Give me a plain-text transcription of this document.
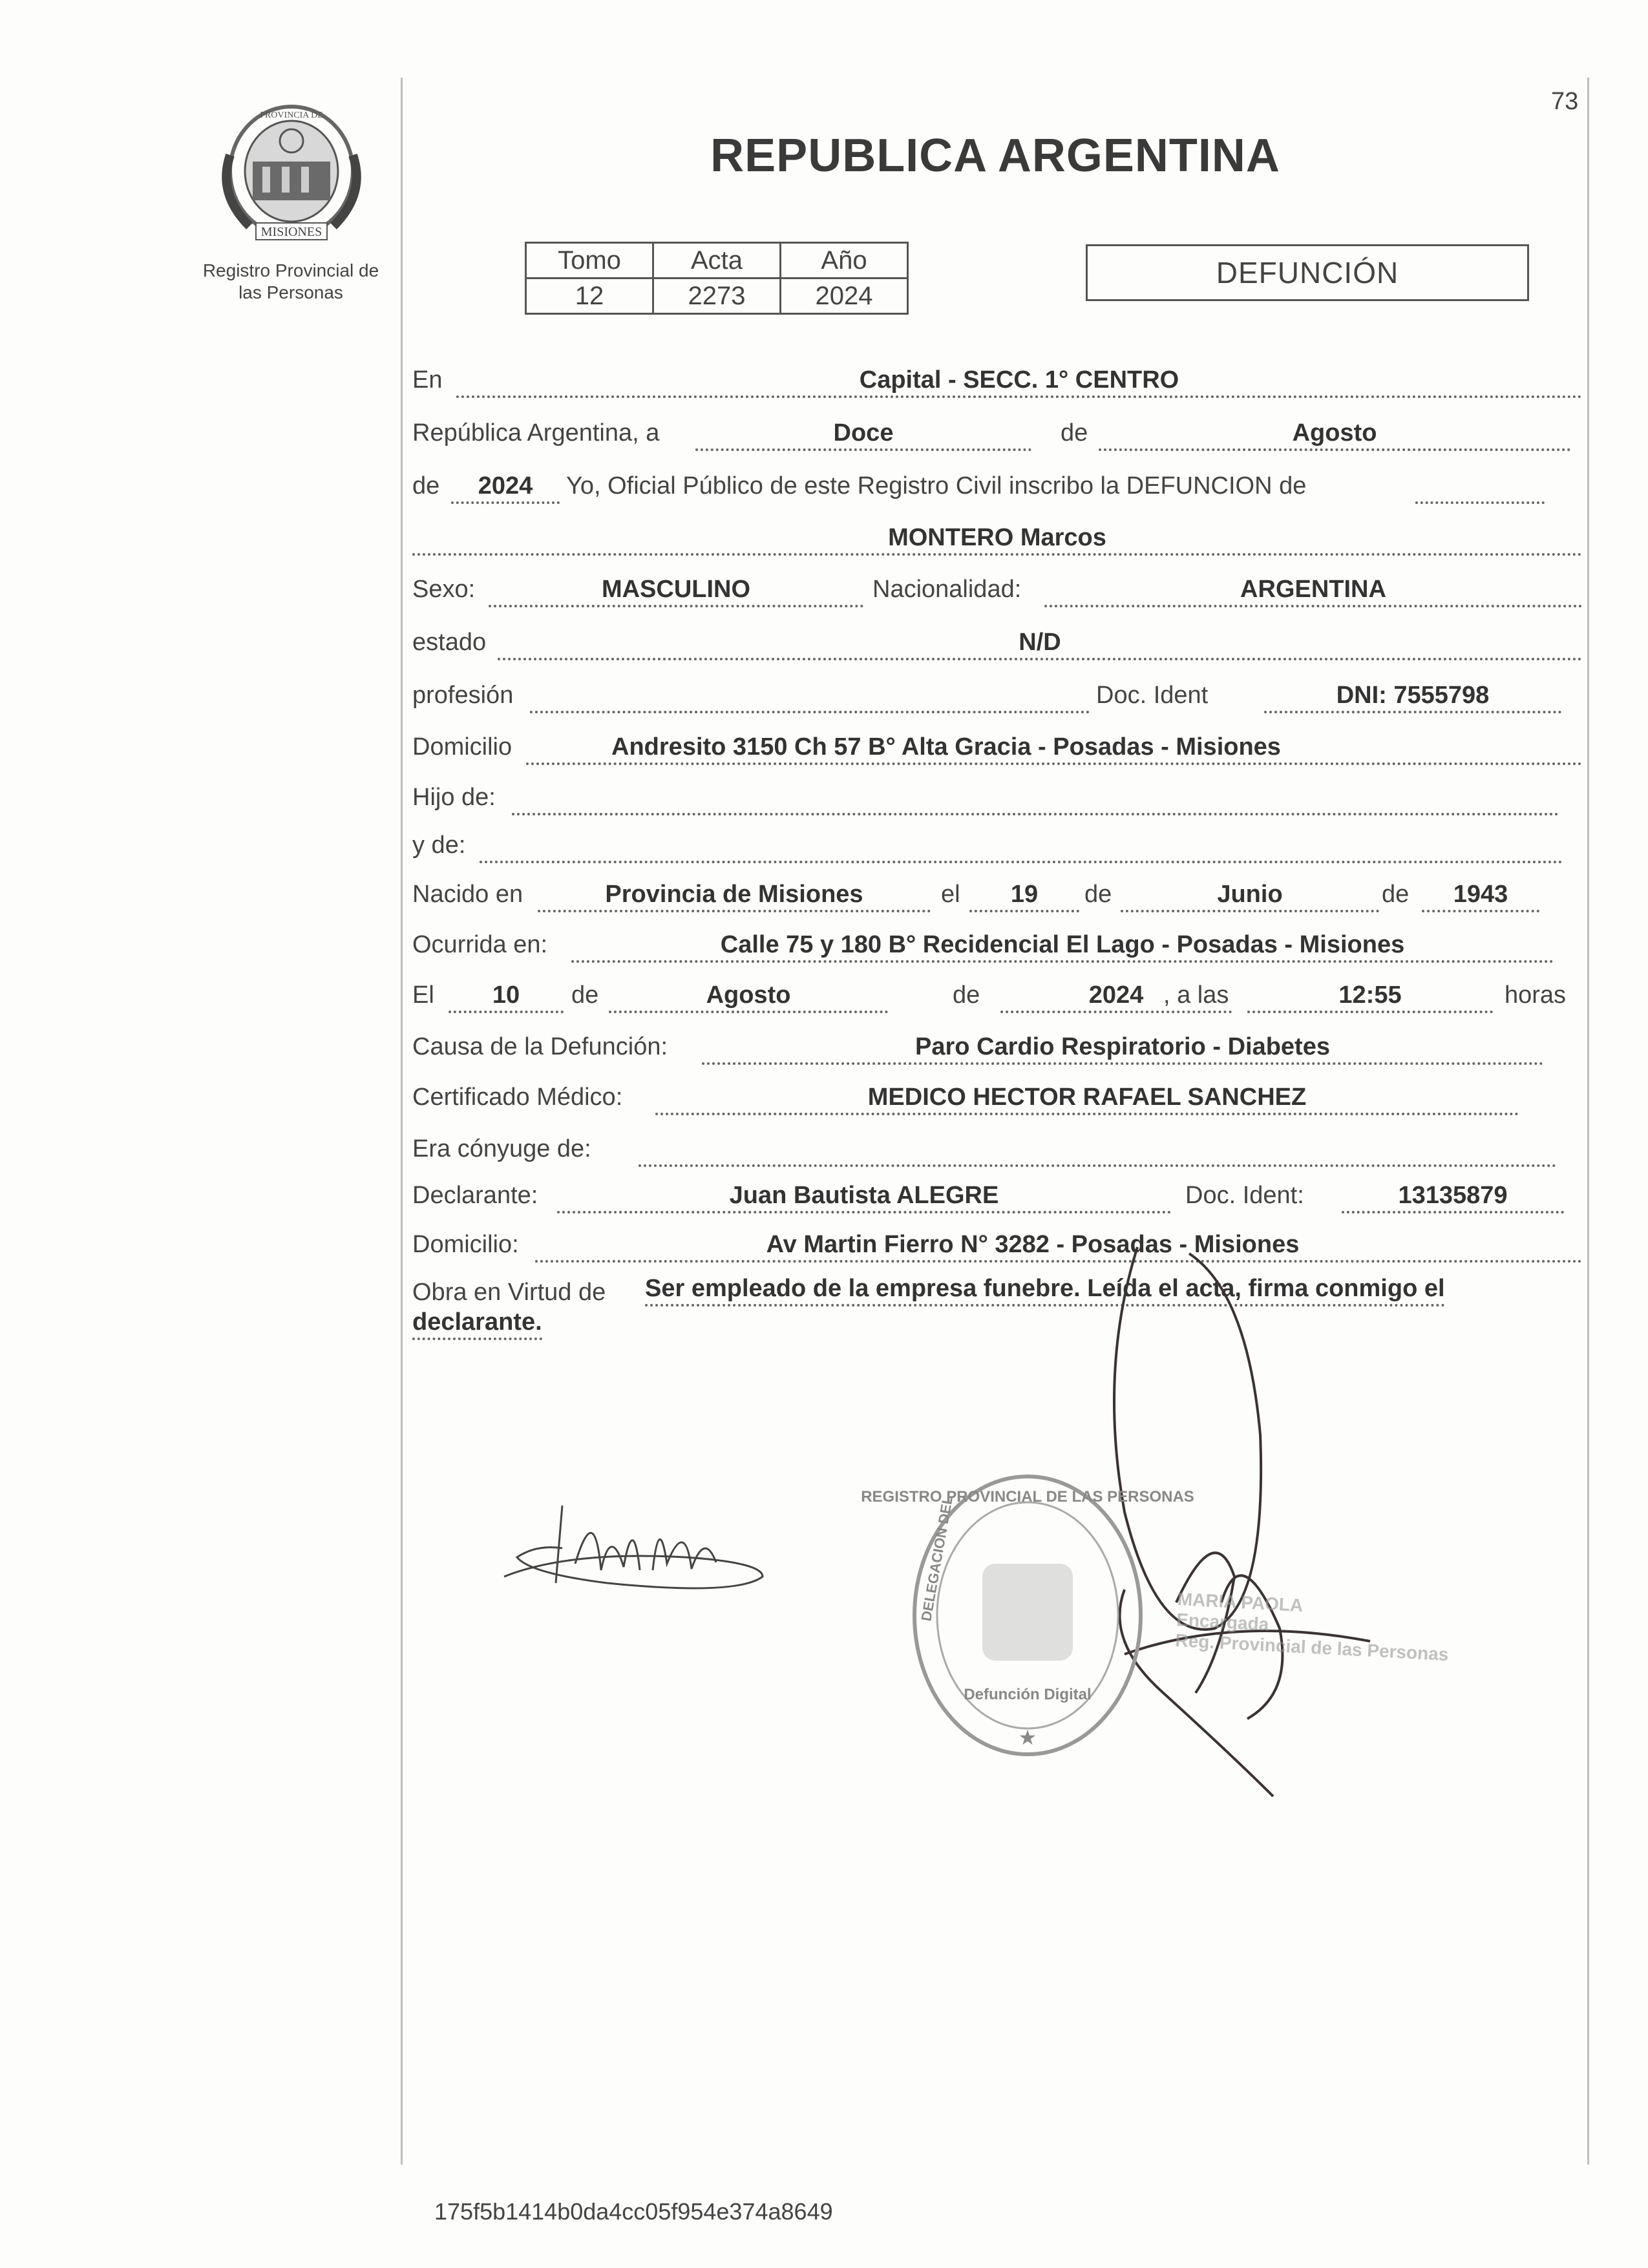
73
MISIONES
PROVINCIA DE
Registro Provincial de
las Personas
REPUBLICA ARGENTINA
Tomo	Acta	Año
12	2273	2024
DEFUNCIÓN
En	Capital - SECC. 1° CENTRO
República Argentina, a	Doce	de	Agosto
de	2024	Yo, Oficial Público de este Registro Civil inscribo la DEFUNCION de
MONTERO Marcos
Sexo:	MASCULINO	Nacionalidad:	ARGENTINA
estado	N/D
profesión	Doc. Ident	DNI: 7555798
Domicilio	Andresito 3150 Ch 57 B° Alta Gracia - Posadas - Misiones
Hijo de:
y de:
Nacido en	Provincia de Misiones	el	19	de	Junio	de	1943
Ocurrida en:	Calle 75 y 180 B° Recidencial El Lago - Posadas - Misiones
El	10	de	Agosto	de	2024 , a las	12:55	horas
Causa de la Defunción:	Paro Cardio Respiratorio - Diabetes
Certificado Médico:	MEDICO HECTOR RAFAEL SANCHEZ
Era cónyuge de:
Declarante:	Juan Bautista ALEGRE	Doc. Ident:	13135879
Domicilio:	Av Martin Fierro N° 3282 - Posadas - Misiones
Obra en Virtud de Ser empleado de la empresa funebre. Leída el acta, firma conmigo el
declarante.
REGISTRO PROVINCIAL DE LAS PERSONAS
DELEGACION DEL
Defunción Digital
★
MARIA PAOLA
Encargada
Reg. Provincial de las Personas
175f5b1414b0da4cc05f954e374a8649
